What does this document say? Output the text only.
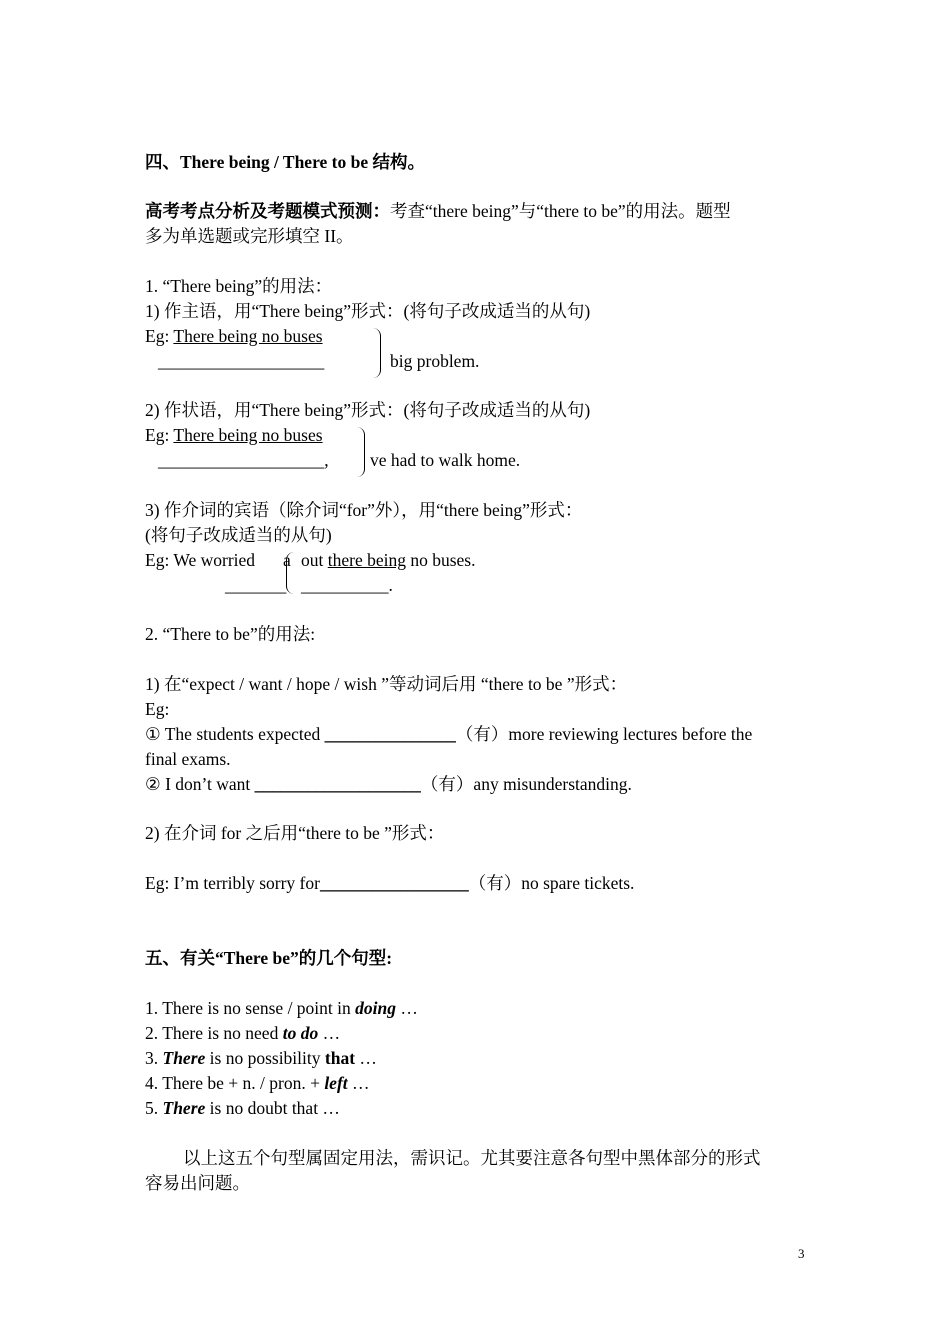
四、There being / There to be 结构。
高考考点分析及考题模式预测：考查“there being”与“there to be”的用法。题型
多为单选题或完形填空 II。
1. “There being”的用法：
1) 作主语，用“There being”形式：(将句子改成适当的从句)
Eg: There being no buses
___________________	big problem.
2) 作状语，用“There being”形式：(将句子改成适当的从句)
Eg: There being no buses
___________________, ve had to walk home.
3) 作介词的宾语（除介词“for”外），用“there being”形式：
(将句子改成适当的从句)
Eg: We worried a out there being no buses.
_______ __________.
2. “There to be”的用法:
1) 在“expect / want / hope / wish ”等动词后用 “there to be ”形式：
Eg:
① The students expected _______________（有）more reviewing lectures before the
final exams.
② I don’t want ___________________（有）any misunderstanding.
2) 在介词 for 之后用“there to be ”形式：
Eg: I’m terribly sorry for_________________（有）no spare tickets.
五、有关“There be”的几个句型:
1. There is no sense / point in doing …
2. There is no need to do …
3. There is no possibility that …
4. There be + n. / pron. + left …
5. There is no doubt that …
以上这五个句型属固定用法，需识记。尤其要注意各句型中黑体部分的形式
容易出问题。
3
